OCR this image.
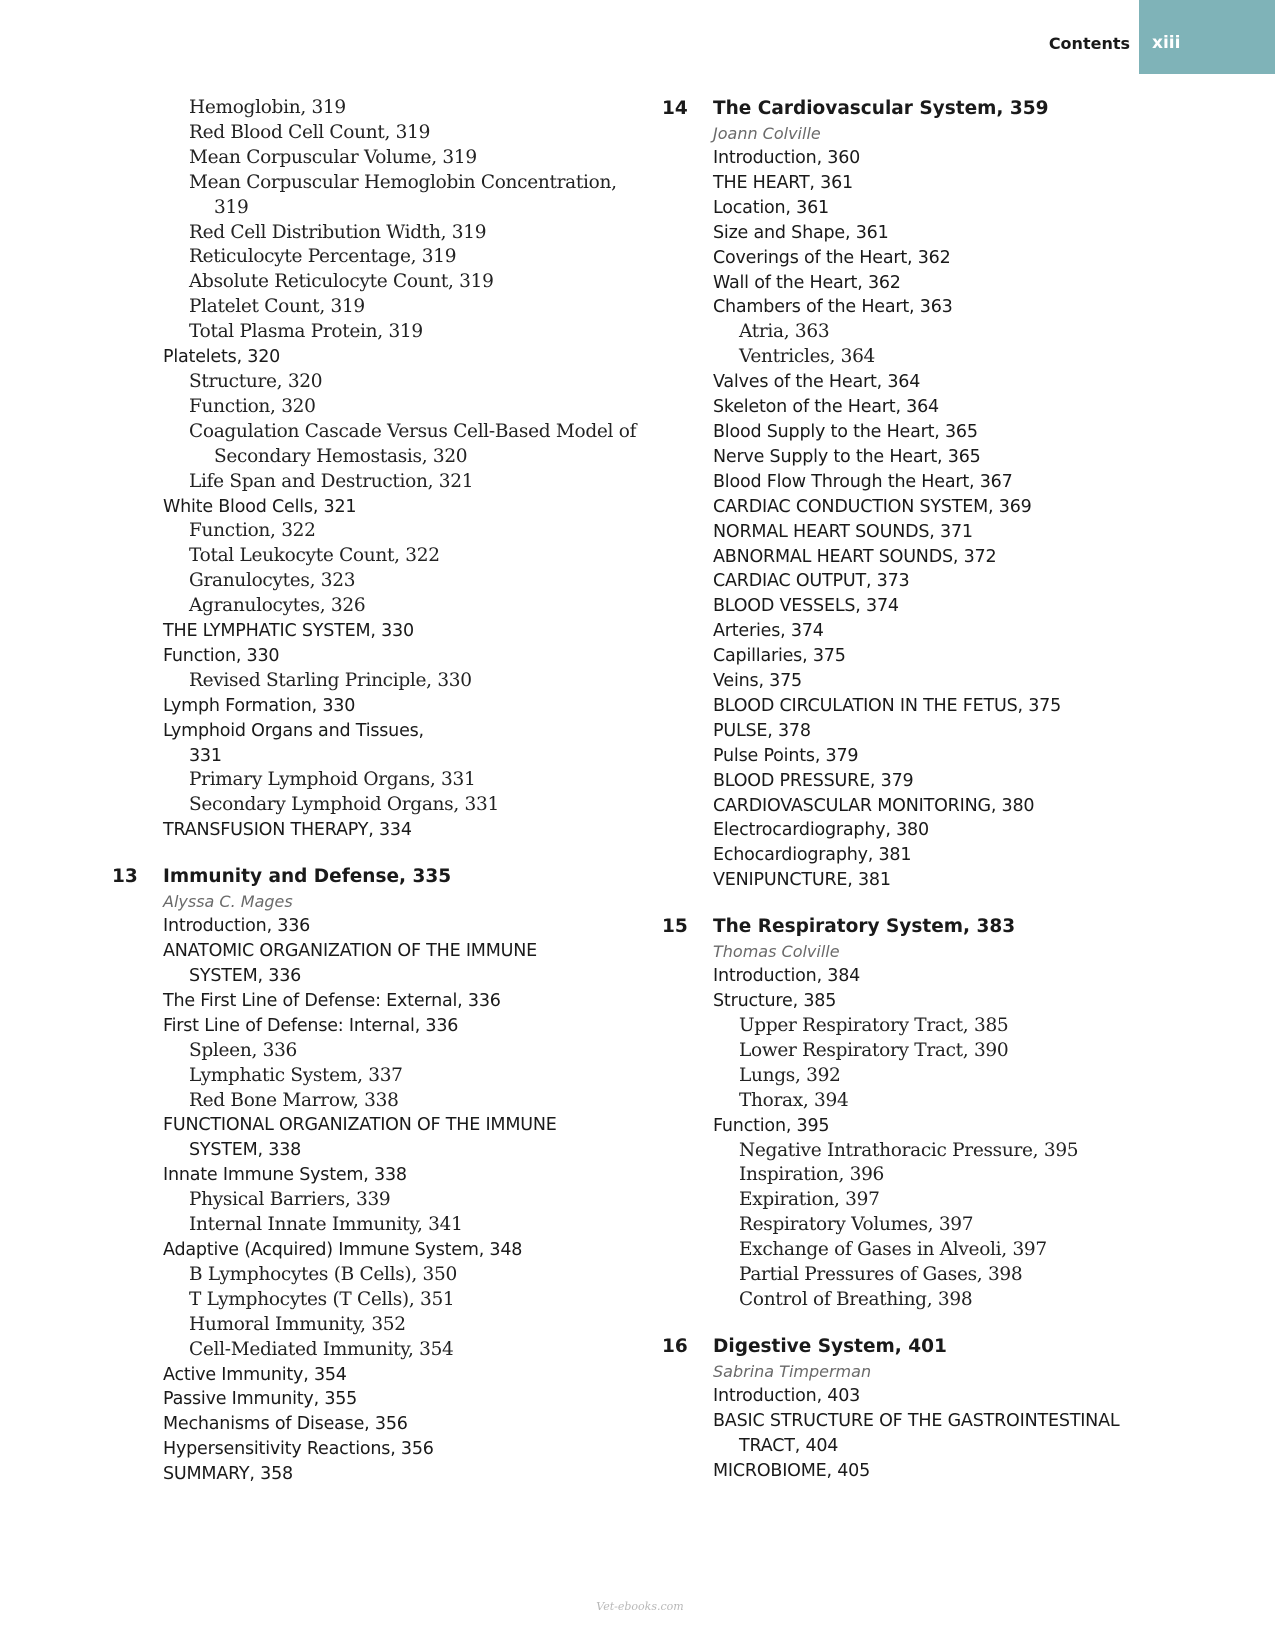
Contents xiii
Hemoglobin, 319
Red Blood Cell Count, 319
Mean Corpuscular Volume, 319
Mean Corpuscular Hemoglobin Concentration,
319
Red Cell Distribution Width, 319
Reticulocyte Percentage, 319
Absolute Reticulocyte Count, 319
Platelet Count, 319
Total Plasma Protein, 319
Platelets, 320
Structure, 320
Function, 320
Coagulation Cascade Versus Cell-Based Model of
Secondary Hemostasis, 320
Life Span and Destruction, 321
White Blood Cells, 321
Function, 322
Total Leukocyte Count, 322
Granulocytes, 323
Agranulocytes, 326
THE LYMPHATIC SYSTEM, 330
Function, 330
Revised Starling Principle, 330
Lymph Formation, 330
Lymphoid Organs and Tissues,
331
Primary Lymphoid Organs, 331
Secondary Lymphoid Organs, 331
TRANSFUSION THERAPY, 334
13 Immunity and Defense, 335
Alyssa C. Mages
Introduction, 336
ANATOMIC ORGANIZATION OF THE IMMUNE
SYSTEM, 336
The First Line of Defense: External, 336
First Line of Defense: Internal, 336
Spleen, 336
Lymphatic System, 337
Red Bone Marrow, 338
FUNCTIONAL ORGANIZATION OF THE IMMUNE
SYSTEM, 338
Innate Immune System, 338
Physical Barriers, 339
Internal Innate Immunity, 341
Adaptive (Acquired) Immune System, 348
B Lymphocytes (B Cells), 350
T Lymphocytes (T Cells), 351
Humoral Immunity, 352
Cell-Mediated Immunity, 354
Active Immunity, 354
Passive Immunity, 355
Mechanisms of Disease, 356
Hypersensitivity Reactions, 356
SUMMARY, 358
14 The Cardiovascular System, 359
Joann Colville
Introduction, 360
THE HEART, 361
Location, 361
Size and Shape, 361
Coverings of the Heart, 362
Wall of the Heart, 362
Chambers of the Heart, 363
Atria, 363
Ventricles, 364
Valves of the Heart, 364
Skeleton of the Heart, 364
Blood Supply to the Heart, 365
Nerve Supply to the Heart, 365
Blood Flow Through the Heart, 367
CARDIAC CONDUCTION SYSTEM, 369
NORMAL HEART SOUNDS, 371
ABNORMAL HEART SOUNDS, 372
CARDIAC OUTPUT, 373
BLOOD VESSELS, 374
Arteries, 374
Capillaries, 375
Veins, 375
BLOOD CIRCULATION IN THE FETUS, 375
PULSE, 378
Pulse Points, 379
BLOOD PRESSURE, 379
CARDIOVASCULAR MONITORING, 380
Electrocardiography, 380
Echocardiography, 381
VENIPUNCTURE, 381
15 The Respiratory System, 383
Thomas Colville
Introduction, 384
Structure, 385
Upper Respiratory Tract, 385
Lower Respiratory Tract, 390
Lungs, 392
Thorax, 394
Function, 395
Negative Intrathoracic Pressure, 395
Inspiration, 396
Expiration, 397
Respiratory Volumes, 397
Exchange of Gases in Alveoli, 397
Partial Pressures of Gases, 398
Control of Breathing, 398
16 Digestive System, 401
Sabrina Timperman
Introduction, 403
BASIC STRUCTURE OF THE GASTROINTESTINAL
TRACT, 404
MICROBIOME, 405
Vet-ebooks.com
